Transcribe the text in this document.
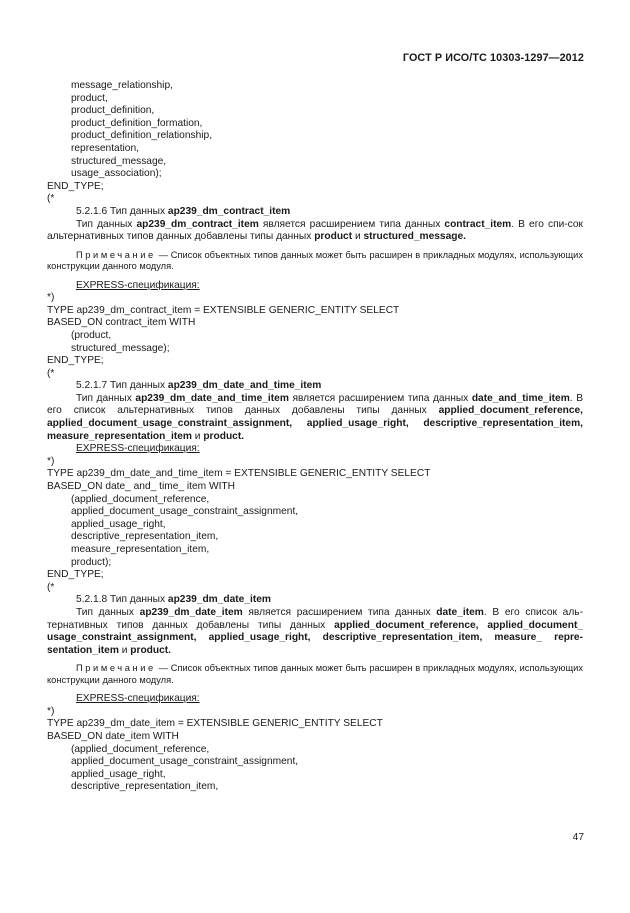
ГОСТ Р ИСО/ТС 10303-1297—2012
message_relationship,
product,
product_definition,
product_definition_formation,
product_definition_relationship,
representation,
structured_message,
usage_association);
END_TYPE;
(*
5.2.1.6 Тип данных ap239_dm_contract_item
Тип данных ap239_dm_contract_item является расширением типа данных contract_item. В его спи-сок альтернативных типов данных добавлены типы данных product и structured_message.
Примечание — Список объектных типов данных может быть расширен в прикладных модулях, использующих конструкции данного модуля.
EXPRESS-спецификация:
*)
TYPE ap239_dm_contract_item = EXTENSIBLE GENERIC_ENTITY SELECT
BASED_ON contract_item WITH
(product,
structured_message);
END_TYPE;
(*
5.2.1.7 Тип данных ap239_dm_date_and_time_item
Тип данных ap239_dm_date_and_time_item является расширением типа данных date_and_time_item. В его список альтернативных типов данных добавлены типы данных applied_document_reference, applied_document_usage_constraint_assignment, applied_usage_right, descriptive_representation_item, measure_representation_item и product.
EXPRESS-спецификация:
*)
TYPE ap239_dm_date_and_time_item = EXTENSIBLE GENERIC_ENTITY SELECT
BASED_ON date_ and_ time_ item WITH
(applied_document_reference,
applied_document_usage_constraint_assignment,
applied_usage_right,
descriptive_representation_item,
measure_representation_item,
product);
END_TYPE;
(*
5.2.1.8 Тип данных ap239_dm_date_item
Тип данных ap239_dm_date_item является расширением типа данных date_item. В его список аль-тернативных типов данных добавлены типы данных applied_document_reference, applied_document_ usage_constraint_assignment, applied_usage_right, descriptive_representation_item, measure_ repre-sentation_item и product.
Примечание — Список объектных типов данных может быть расширен в прикладных модулях, использующих конструкции данного модуля.
EXPRESS-спецификация:
*)
TYPE ap239_dm_date_item = EXTENSIBLE GENERIC_ENTITY SELECT
BASED_ON date_item WITH
(applied_document_reference,
applied_document_usage_constraint_assignment,
applied_usage_right,
descriptive_representation_item,
47
